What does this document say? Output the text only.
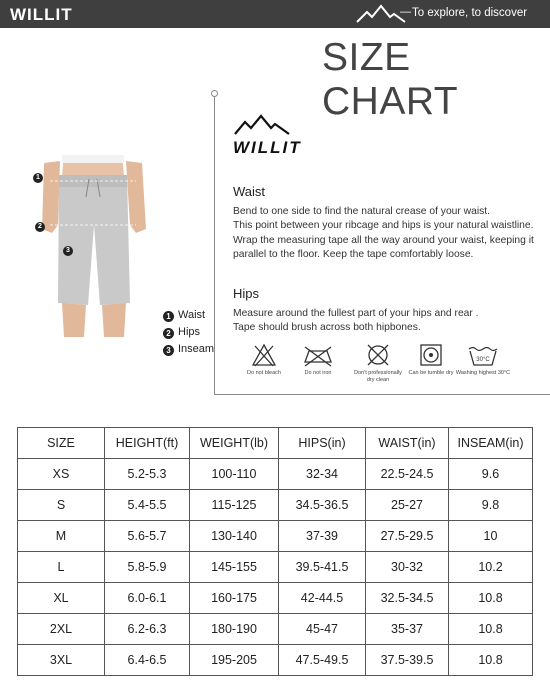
WILLIT	— To explore, to discover
SIZE CHART
WILLIT
Waist
Bend to one side to find the natural crease of your waist.
This point between your ribcage and hips is your natural waistline.
Wrap the measuring tape all the way around your waist, keeping it
parallel to the floor. Keep the tape comfortably loose.
Hips
Measure around the fullest part of your hips and rear .
Tape should brush across both hipbones.
Do not bleach	Do not iron	Don't professionally dry clean
Can be tumble dry
30°C
Washing highest 30°C
1
2
3
1 Waist
2 Hips
3 Inseam
SIZE	HEIGHT(ft)	WEIGHT(lb)	HIPS(in)	WAIST(in)	INSEAM(in)
XS	5.2-5.3	100-110	32-34	22.5-24.5	9.6
S	5.4-5.5	115-125	34.5-36.5	25-27	9.8
M	5.6-5.7	130-140	37-39	27.5-29.5	10
L	5.8-5.9	145-155	39.5-41.5	30-32	10.2
XL	6.0-6.1	160-175	42-44.5	32.5-34.5	10.8
2XL	6.2-6.3	180-190	45-47	35-37	10.8
3XL	6.4-6.5	195-205	47.5-49.5	37.5-39.5	10.8
